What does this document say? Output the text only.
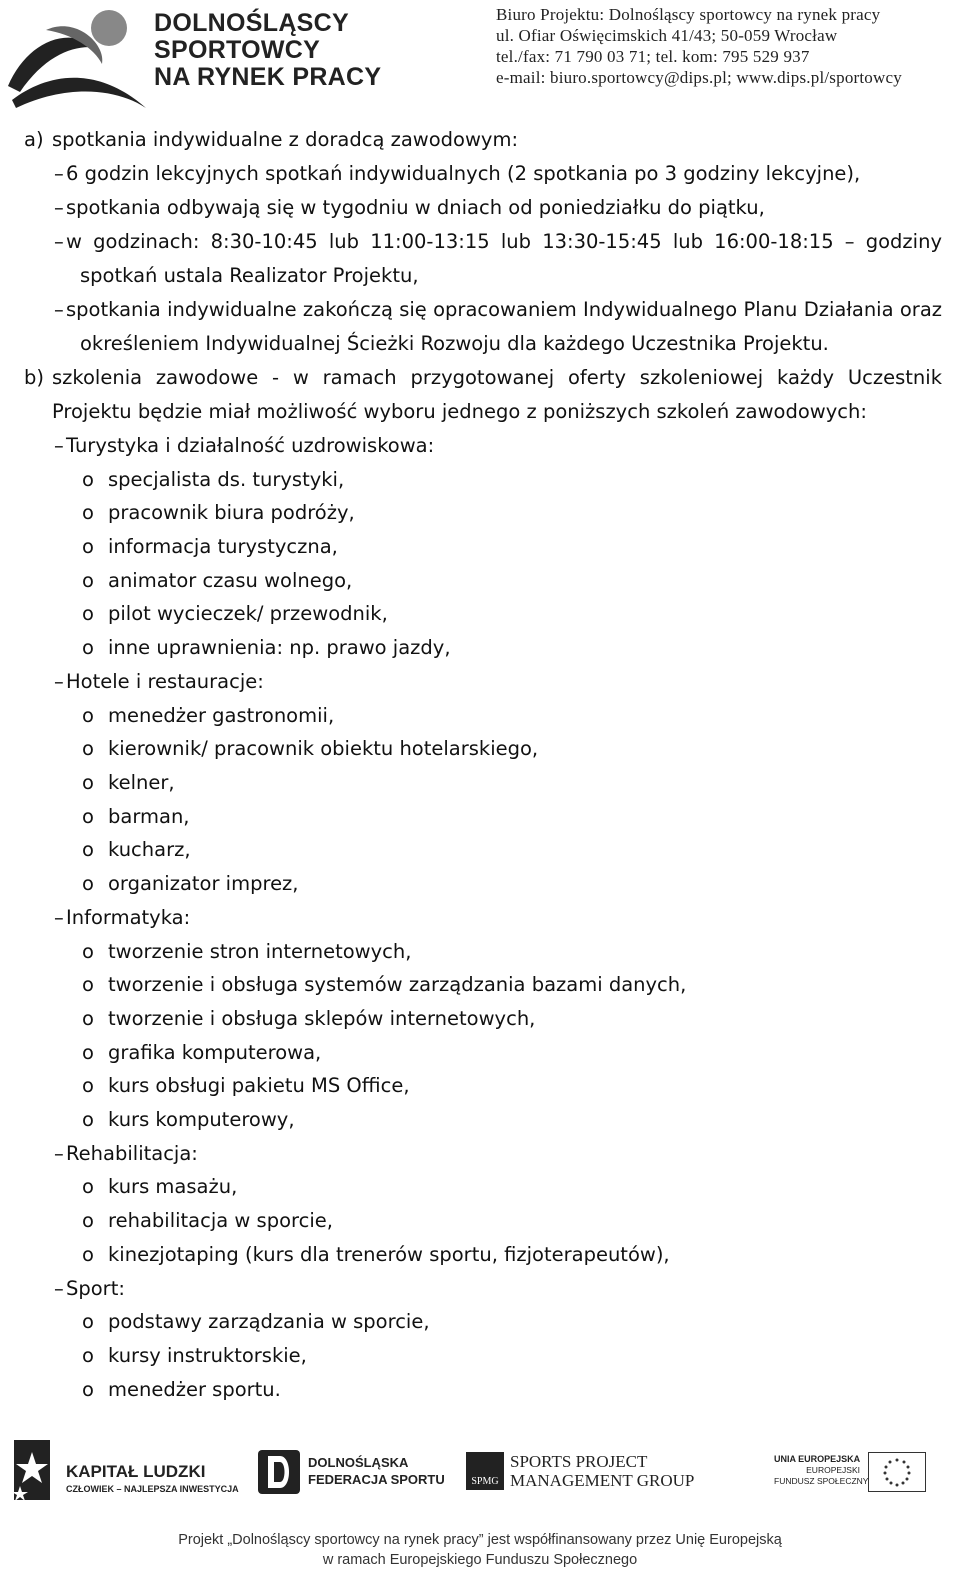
DOLNOŚLĄSCY
SPORTOWCY
NA RYNEK PRACY
Biuro Projektu: Dolnośląscy sportowcy na rynek pracy
ul. Ofiar Oświęcimskich 41/43; 50-059 Wrocław
tel./fax: 71 790 03 71; tel. kom: 795 529 937
e-mail: biuro.sportowcy@dips.pl; www.dips.pl/sportowcy
a) spotkania indywidualne z doradcą zawodowym:
– 6 godzin lekcyjnych spotkań indywidualnych (2 spotkania po 3 godziny lekcyjne),
– spotkania odbywają się w tygodniu w dniach od poniedziałku do piątku,
– w godzinach: 8:30-10:45 lub 11:00-13:15 lub 13:30-15:45 lub 16:00-18:15 – godziny
spotkań ustala Realizator Projektu,
– spotkania indywidualne zakończą się opracowaniem Indywidualnego Planu Działania oraz
określeniem Indywidualnej Ścieżki Rozwoju dla każdego Uczestnika Projektu.
b) szkolenia zawodowe - w ramach przygotowanej oferty szkoleniowej każdy Uczestnik
Projektu będzie miał możliwość wyboru jednego z poniższych szkoleń zawodowych:
– Turystyka i działalność uzdrowiskowa:
o specjalista ds. turystyki,
o pracownik biura podróży,
o informacja turystyczna,
o animator czasu wolnego,
o pilot wycieczek/ przewodnik,
o inne uprawnienia: np. prawo jazdy,
– Hotele i restauracje:
o menedżer gastronomii,
o kierownik/ pracownik obiektu hotelarskiego,
o kelner,
o barman,
o kucharz,
o organizator imprez,
– Informatyka:
o tworzenie stron internetowych,
o tworzenie i obsługa systemów zarządzania bazami danych,
o tworzenie i obsługa sklepów internetowych,
o grafika komputerowa,
o kurs obsługi pakietu MS Office,
o kurs komputerowy,
– Rehabilitacja:
o kurs masażu,
o rehabilitacja w sporcie,
o kinezjotaping (kurs dla trenerów sportu, fizjoterapeutów),
– Sport:
o podstawy zarządzania w sporcie,
o kursy instruktorskie,
o menedżer sportu.
KAPITAŁ LUDZKI
CZŁOWIEK – NAJLEPSZA INWESTYCJA
DOLNOŚLĄSKA
FEDERACJA SPORTU	SPMG
SPORTS PROJECT
MANAGEMENT GROUP
UNIA EUROPEJSKA
EUROPEJSKI
FUNDUSZ SPOŁECZNY
Projekt „Dolnośląscy sportowcy na rynek pracy” jest współfinansowany przez Unię Europejską
w ramach Europejskiego Funduszu Społecznego
